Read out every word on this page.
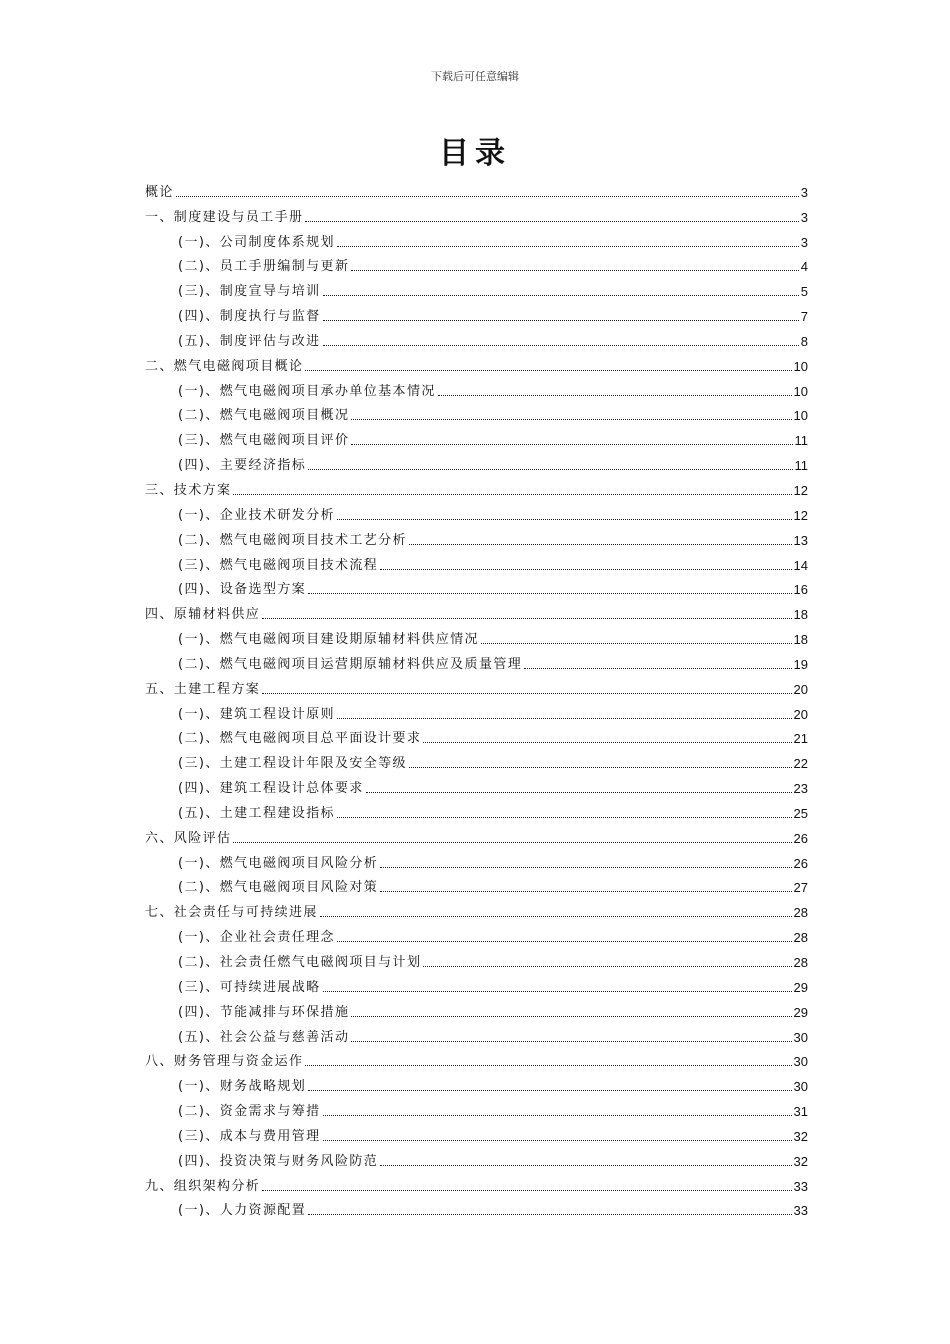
下载后可任意编辑
目录
概论	3
一、制度建设与员工手册	3
(一)、公司制度体系规划	3
(二)、员工手册编制与更新	4
(三)、制度宣导与培训	5
(四)、制度执行与监督	7
(五)、制度评估与改进	8
二、燃气电磁阀项目概论	10
(一)、燃气电磁阀项目承办单位基本情况	10
(二)、燃气电磁阀项目概况	10
(三)、燃气电磁阀项目评价	11
(四)、主要经济指标	11
三、技术方案	12
(一)、企业技术研发分析	12
(二)、燃气电磁阀项目技术工艺分析	13
(三)、燃气电磁阀项目技术流程	14
(四)、设备选型方案	16
四、原辅材料供应	18
(一)、燃气电磁阀项目建设期原辅材料供应情况	18
(二)、燃气电磁阀项目运营期原辅材料供应及质量管理	19
五、土建工程方案	20
(一)、建筑工程设计原则	20
(二)、燃气电磁阀项目总平面设计要求	21
(三)、土建工程设计年限及安全等级	22
(四)、建筑工程设计总体要求	23
(五)、土建工程建设指标	25
六、风险评估	26
(一)、燃气电磁阀项目风险分析	26
(二)、燃气电磁阀项目风险对策	27
七、社会责任与可持续进展	28
(一)、企业社会责任理念	28
(二)、社会责任燃气电磁阀项目与计划	28
(三)、可持续进展战略	29
(四)、节能减排与环保措施	29
(五)、社会公益与慈善活动	30
八、财务管理与资金运作	30
(一)、财务战略规划	30
(二)、资金需求与筹措	31
(三)、成本与费用管理	32
(四)、投资决策与财务风险防范	32
九、组织架构分析	33
(一)、人力资源配置	33
